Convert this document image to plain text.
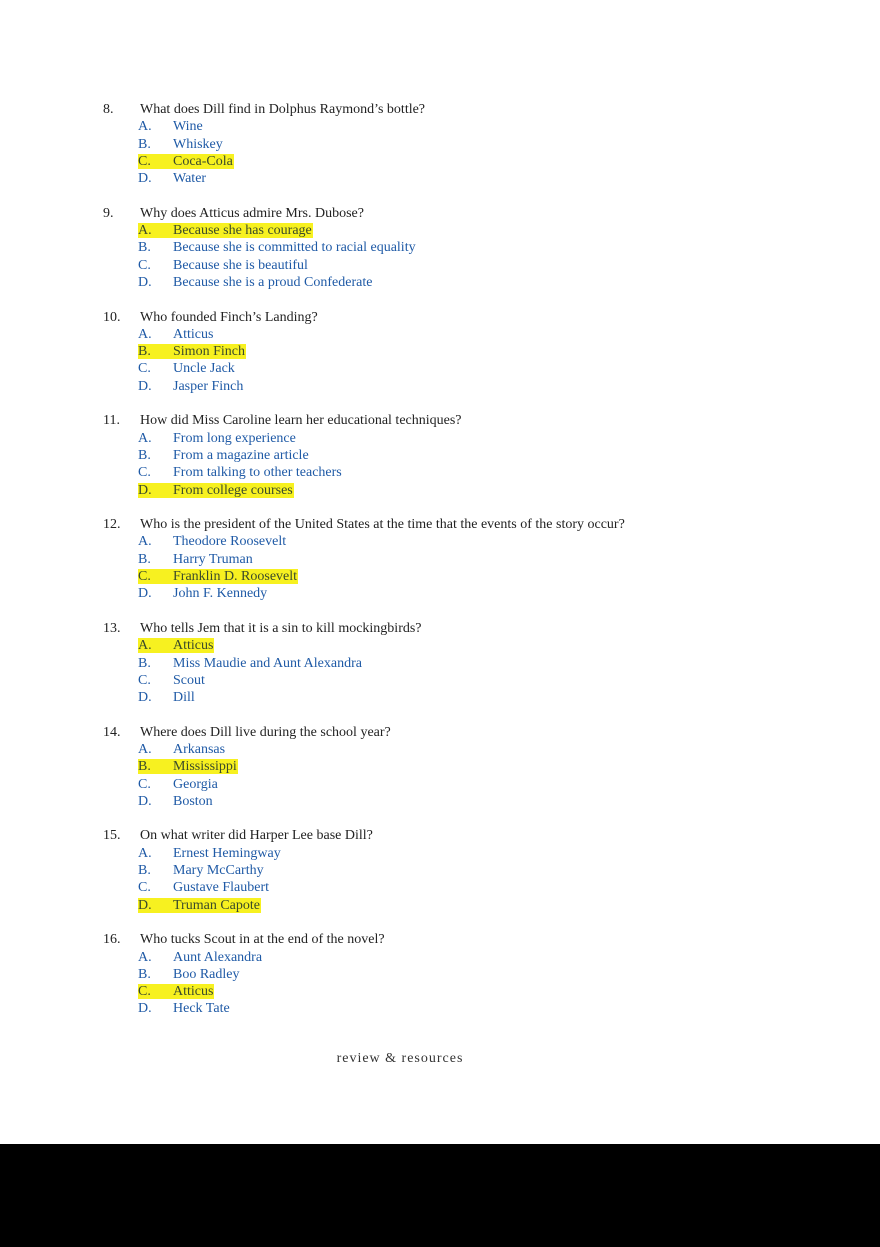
8. What does Dill find in Dolphus Raymond’s bottle?
A. Wine
B. Whiskey
C. Coca-Cola
D. Water
9. Why does Atticus admire Mrs. Dubose?
A. Because she has courage
B. Because she is committed to racial equality
C. Because she is beautiful
D. Because she is a proud Confederate
10. Who founded Finch’s Landing?
A. Atticus
B. Simon Finch
C. Uncle Jack
D. Jasper Finch
11. How did Miss Caroline learn her educational techniques?
A. From long experience
B. From a magazine article
C. From talking to other teachers
D. From college courses
12. Who is the president of the United States at the time that the events of the story occur?
A. Theodore Roosevelt
B. Harry Truman
C. Franklin D. Roosevelt
D. John F. Kennedy
13. Who tells Jem that it is a sin to kill mockingbirds?
A. Atticus
B. Miss Maudie and Aunt Alexandra
C. Scout
D. Dill
14. Where does Dill live during the school year?
A. Arkansas
B. Mississippi
C. Georgia
D. Boston
15. On what writer did Harper Lee base Dill?
A. Ernest Hemingway
B. Mary McCarthy
C. Gustave Flaubert
D. Truman Capote
16. Who tucks Scout in at the end of the novel?
A. Aunt Alexandra
B. Boo Radley
C. Atticus
D. Heck Tate
review & resources
